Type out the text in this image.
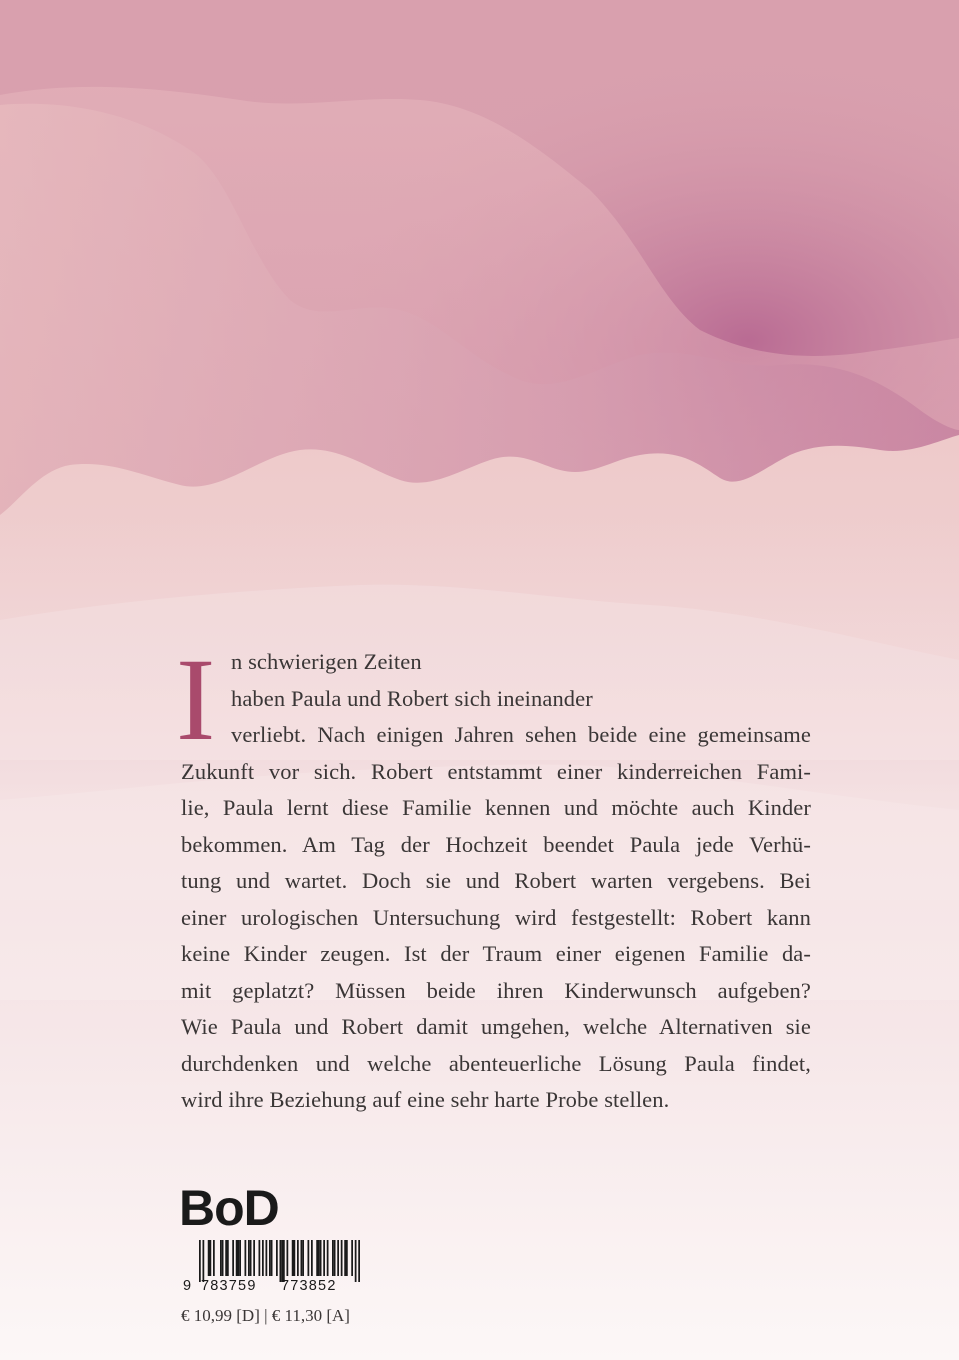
I n schwierigen Zeiten
haben Paula und Robert sich ineinander
verliebt. Nach einigen Jahren sehen beide eine gemeinsame
Zukunft vor sich. Robert entstammt einer kinderreichen Fami-
lie, Paula lernt diese Familie kennen und möchte auch Kinder
bekommen. Am Tag der Hochzeit beendet Paula jede Verhü-
tung und wartet. Doch sie und Robert warten vergebens. Bei
einer urologischen Untersuchung wird festgestellt: Robert kann
keine Kinder zeugen. Ist der Traum einer eigenen Familie da-
mit geplatzt? Müssen beide ihren Kinderwunsch aufgeben?
Wie Paula und Robert damit umgehen, welche Alternativen sie
durchdenken und welche abenteuerliche Lösung Paula findet,
wird ihre Beziehung auf eine sehr harte Probe stellen.
BoD
9 783759 773852
€ 10,99 [D] | € 11,30 [A]
